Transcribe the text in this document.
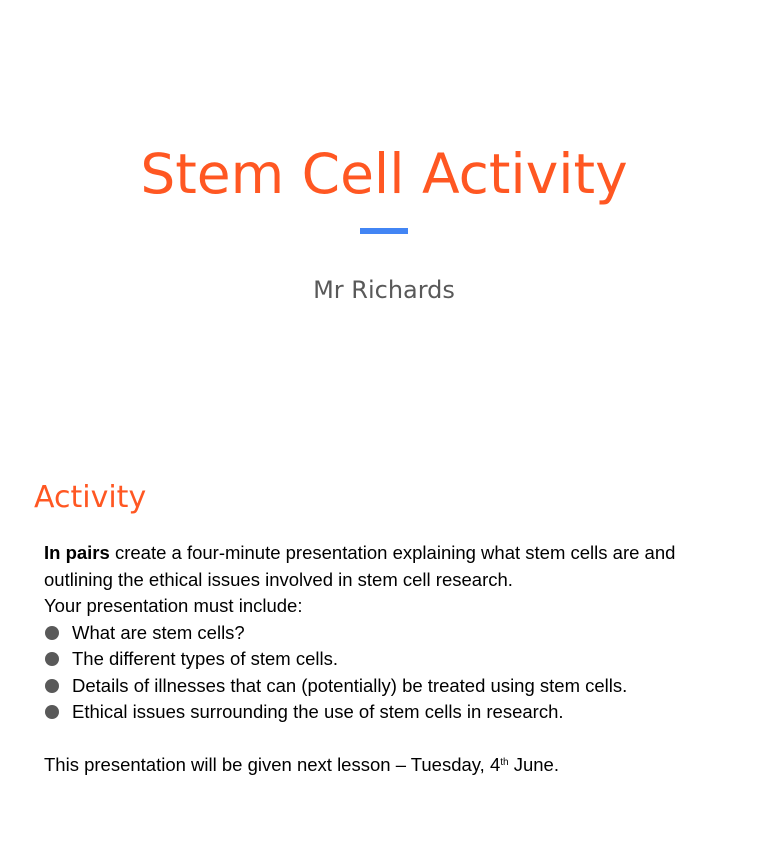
Stem Cell Activity
Mr Richards
Activity

In pairs create a four-minute presentation explaining what stem cells are and outlining the ethical issues involved in stem cell research.

Your presentation must include:

What are stem cells?
The different types of stem cells.
Details of illnesses that can (potentially) be treated using stem cells.
Ethical issues surrounding the use of stem cells in research.

This presentation will be given next lesson – Tuesday, 4th June.
